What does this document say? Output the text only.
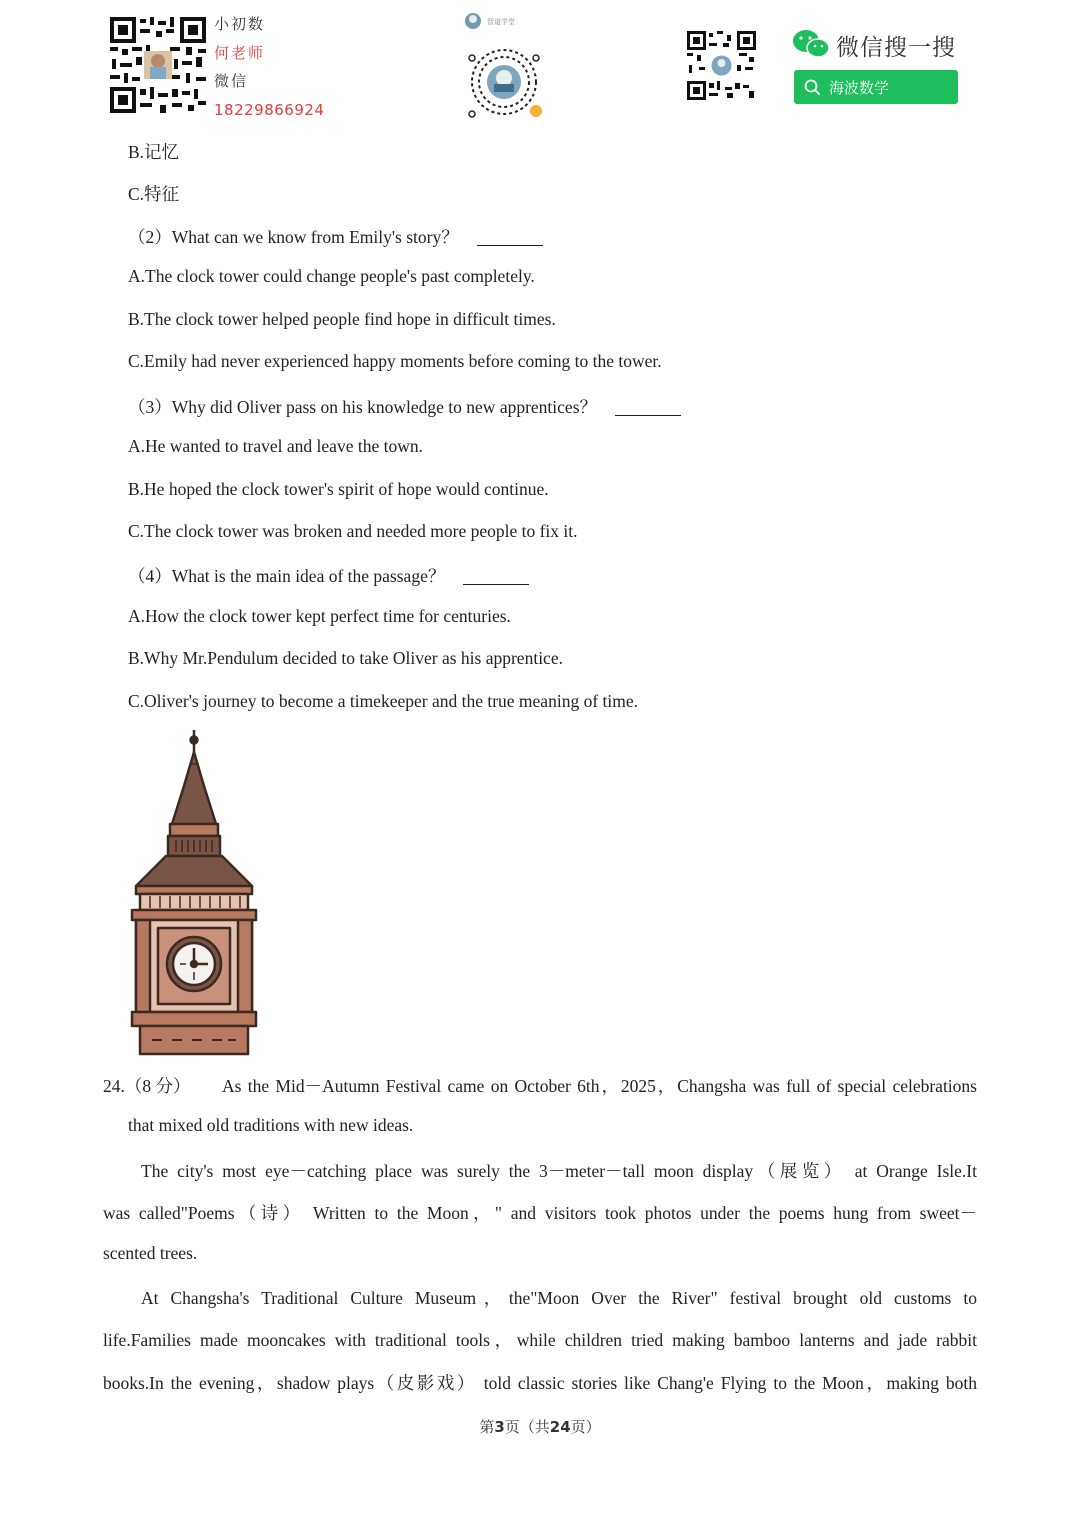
小初数
何老师
微信
18229866924
智道学堂
微信搜一搜
海波数学
B.记忆
C.特征
（2）What can we know from Emily's story？
A.The clock tower could change people's past completely.
B.The clock tower helped people find hope in difficult times.
C.Emily had never experienced happy moments before coming to the tower.
（3）Why did Oliver pass on his knowledge to new apprentices？
A.He wanted to travel and leave the town.
B.He hoped the clock tower's spirit of hope would continue.
C.The clock tower was broken and needed more people to fix it.
（4）What is the main idea of the passage？
A.How the clock tower kept perfect time for centuries.
B.Why Mr.Pendulum decided to take Oliver as his apprentice.
C.Oliver's journey to become a timekeeper and the true meaning of time.
24.（8 分） As the Mid－Autumn Festival came on October 6th，2025，Changsha was full of special celebrations
that mixed old traditions with new ideas.
The city's most eye－catching place was surely the 3－meter－tall moon display（展览） at Orange Isle.It
was called"Poems（诗） Written to the Moon，" and visitors took photos under the poems hung from sweet－
scented trees.
At Changsha's Traditional Culture Museum，the"Moon Over the River" festival brought old customs to
life.Families made mooncakes with traditional tools，while children tried making bamboo lanterns and jade rabbit
books.In the evening，shadow plays（皮影戏） told classic stories like Chang'e Flying to the Moon，making both
第3页（共24页）
